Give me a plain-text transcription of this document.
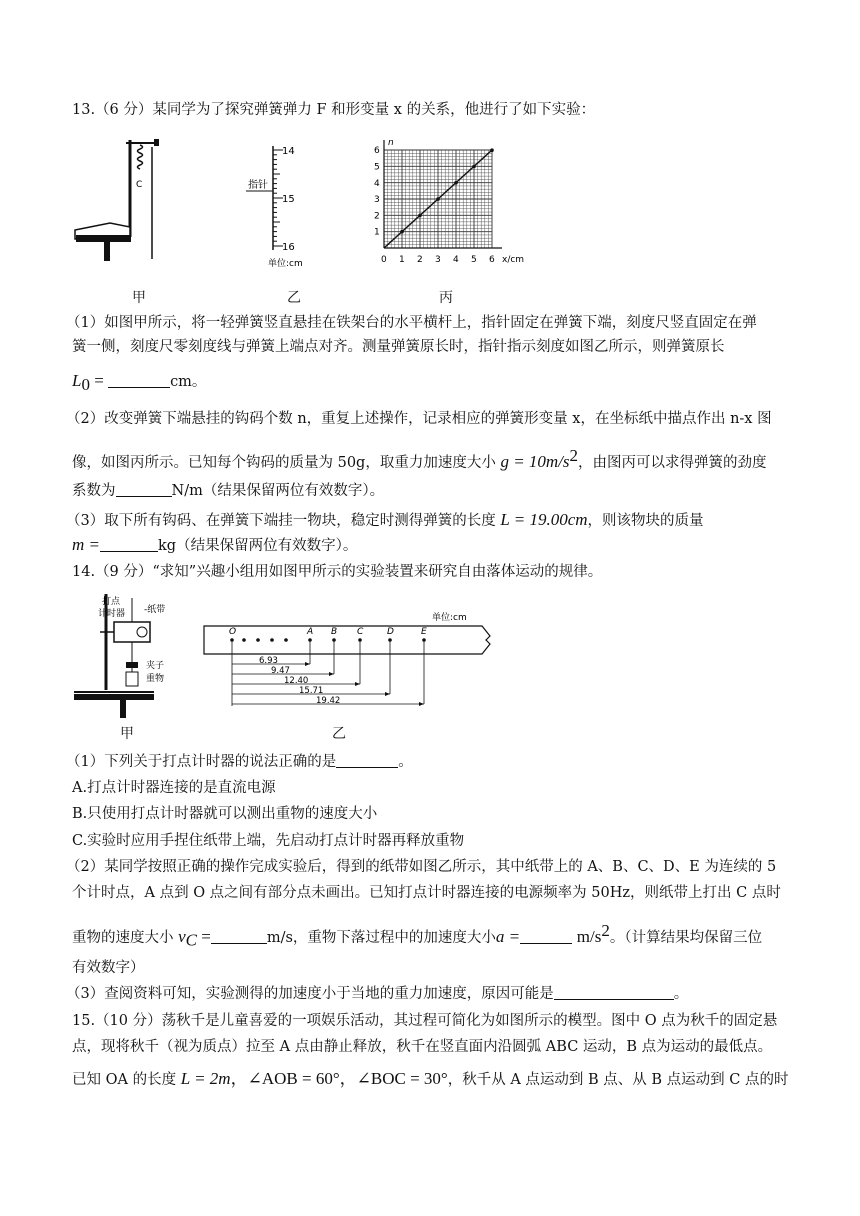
13.（6 分）某同学为了探究弹簧弹力 F 和形变量 x 的关系，他进行了如下实验：
C
甲
14
15
16
指针
单位:cm
乙
n
x/cm
0 1 2 3 4 5 6
1
2
3
4
5
6
丙
（1）如图甲所示，将一轻弹簧竖直悬挂在铁架台的水平横杆上，指针固定在弹簧下端，刻度尺竖直固定在弹
簧一侧，刻度尺零刻度线与弹簧上端点对齐。测量弹簧原长时，指针指示刻度如图乙所示，则弹簧原长
$L_0$ =	cm。
（2）改变弹簧下端悬挂的钩码个数 n，重复上述操作，记录相应的弹簧形变量 x，在坐标纸中描点作出 n-x 图
像，如图丙所示。已知每个钩码的质量为 50g，取重力加速度大小 $g = 10m/s^2$，由图丙可以求得弹簧的劲度
系数为	N/m（结果保留两位有效数字）。
（3）取下所有钩码、在弹簧下端挂一物块，稳定时测得弹簧的长度 L = 19.00cm，则该物块的质量
m =	kg（结果保留两位有效数字）。
14.（9 分）“求知”兴趣小组用如图甲所示的实验装置来研究自由落体运动的规律。
打点
计时器 -纸带
夹子
重物
甲
单位:cm
O	A B C	D	E
6.93
9.47
12.40
15.71
19.42
乙
（1）下列关于打点计时器的说法正确的是	。
A.打点计时器连接的是直流电源
B.只使用打点计时器就可以测出重物的速度大小
C.实验时应用手捏住纸带上端，先启动打点计时器再释放重物
（2）某同学按照正确的操作完成实验后，得到的纸带如图乙所示，其中纸带上的 A、B、C、D、E 为连续的 5
个计时点，A 点到 O 点之间有部分点未画出。已知打点计时器连接的电源频率为 50Hz，则纸带上打出 C 点时
重物的速度大小 $v_C$ =	m/s，重物下落过程中的加速度大小a =	$m/s^2$。（计算结果均保留三位
有效数字）
（3）查阅资料可知，实验测得的加速度小于当地的重力加速度，原因可能是	。
15.（10 分）荡秋千是儿童喜爱的一项娱乐活动，其过程可简化为如图所示的模型。图中 O 点为秋千的固定悬
点，现将秋千（视为质点）拉至 A 点由静止释放，秋千在竖直面内沿圆弧 ABC 运动，B 点为运动的最低点。
已知 OA 的长度 L = 2m，∠AOB = 60°，∠BOC = 30°，秋千从 A 点运动到 B 点、从 B 点运动到 C 点的时
